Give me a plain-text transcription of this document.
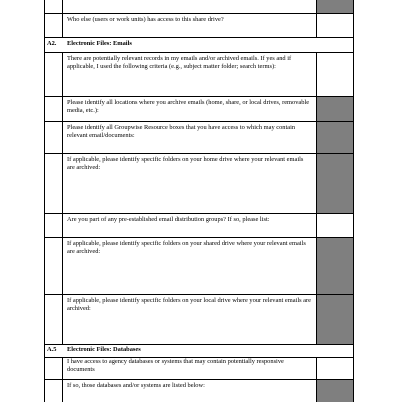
Who else (users or work units) has access to this share drive?
A2. Electronic Files: Emails
There are potentially relevant records in my emails and/or archived emails. If yes and if applicable, I used the following criteria (e.g., subject matter folder; search terms):
Please identify all locations where you archive emails (home, share, or local drives, removable media, etc.):
Please identify all Groupwise Resource boxes that you have access to which may contain relevant email/documents:
If applicable, please identify specific folders on your home drive where your relevant emails are archived:
Are you part of any pre-established email distribution groups? If so, please list:
If applicable, please identify specific folders on your shared drive where your relevant emails are archived:
If applicable, please identify specific folders on your local drive where your relevant emails are archived:
A.5 Electronic Files: Databases
I have access to agency databases or systems that may contain potentially responsive documents
If so, those databases and/or systems are listed below:
